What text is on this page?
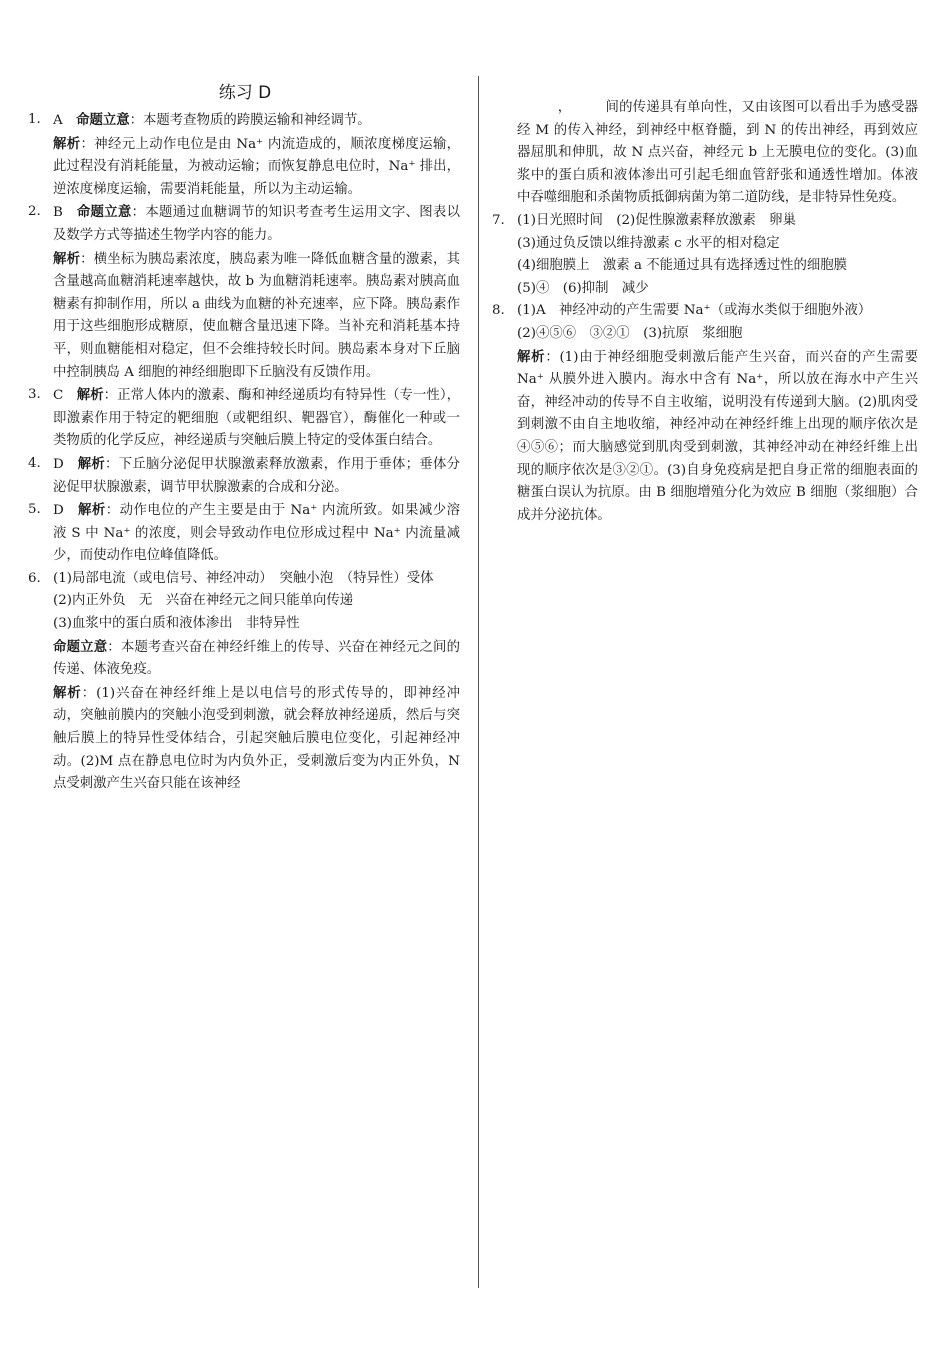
练习 D
1. A　命题立意：本题考查物质的跨膜运输和神经调节。
解析：神经元上动作电位是由 Na⁺ 内流造成的，顺浓度梯度运输，此过程没有消耗能量，为被动运输；而恢复静息电位时，Na⁺ 排出，逆浓度梯度运输，需要消耗能量，所以为主动运输。
2. B　命题立意：本题通过血糖调节的知识考查考生运用文字、图表以及数学方式等描述生物学内容的能力。
解析：横坐标为胰岛素浓度，胰岛素为唯一降低血糖含量的激素，其含量越高血糖消耗速率越快，故 b 为血糖消耗速率。胰岛素对胰高血糖素有抑制作用，所以 a 曲线为血糖的补充速率，应下降。胰岛素作用于这些细胞形成糖原，使血糖含量迅速下降。当补充和消耗基本持平，则血糖能相对稳定，但不会维持较长时间。胰岛素本身对下丘脑中控制胰岛 A 细胞的神经细胞即下丘脑没有反馈作用。
3. C　解析：正常人体内的激素、酶和神经递质均有特异性（专一性），即激素作用于特定的靶细胞（或靶组织、靶器官），酶催化一种或一类物质的化学反应，神经递质与突触后膜上特定的受体蛋白结合。
4. D　解析：下丘脑分泌促甲状腺激素释放激素，作用于垂体；垂体分泌促甲状腺激素，调节甲状腺激素的合成和分泌。
5. D　解析：动作电位的产生主要是由于 Na⁺ 内流所致。如果减少溶液 S 中 Na⁺ 的浓度，则会导致动作电位形成过程中 Na⁺ 内流量减少，而使动作电位峰值降低。
6. (1)局部电流（或电信号、神经冲动）　突触小泡　（特异性）受体
(2)内正外负　无　兴奋在神经元之间只能单向传递
(3)血浆中的蛋白质和液体渗出　非特异性
命题立意：本题考查兴奋在神经纤维上的传导、兴奋在神经元之间的传递、体液免疫。
解析：(1)兴奋在神经纤维上是以电信号的形式传导的，即神经冲动，突触前膜内的突触小泡受到刺激，就会释放神经递质，然后与突触后膜上的特异性受体结合，引起突触后膜电位变化，引起神经冲动。(2)M 点在静息电位时为内负外正，受刺激后变为内正外负，N 点受刺激产生兴奋只能在该神经
　　　，　　　间的传递具有单向性，又由该图可以看出手为感受器经 M 的传入神经，到神经中枢脊髓，到 N 的传出神经，再到效应器屈肌和伸肌，故 N 点兴奋，神经元 b 上无膜电位的变化。(3)血浆中的蛋白质和液体渗出可引起毛细血管舒张和通透性增加。体液中吞噬细胞和杀菌物质抵御病菌为第二道防线，是非特异性免疫。
7. (1)日光照时间　(2)促性腺激素释放激素　卵巢
(3)通过负反馈以维持激素 c 水平的相对稳定
(4)细胞膜上　激素 a 不能通过具有选择透过性的细胞膜
(5)④　(6)抑制　减少
8. (1)A　神经冲动的产生需要 Na⁺（或海水类似于细胞外液）
(2)④⑤⑥　③②①　(3)抗原　浆细胞
解析：(1)由于神经细胞受刺激后能产生兴奋，而兴奋的产生需要 Na⁺ 从膜外进入膜内。海水中含有 Na⁺，所以放在海水中产生兴奋，神经冲动的传导不自主收缩，说明没有传递到大脑。(2)肌肉受到刺激不由自主地收缩，神经冲动在神经纤维上出现的顺序依次是④⑤⑥；而大脑感觉到肌肉受到刺激，其神经冲动在神经纤维上出现的顺序依次是③②①。(3)自身免疫病是把自身正常的细胞表面的糖蛋白误认为抗原。由 B 细胞增殖分化为效应 B 细胞（浆细胞）合成并分泌抗体。
